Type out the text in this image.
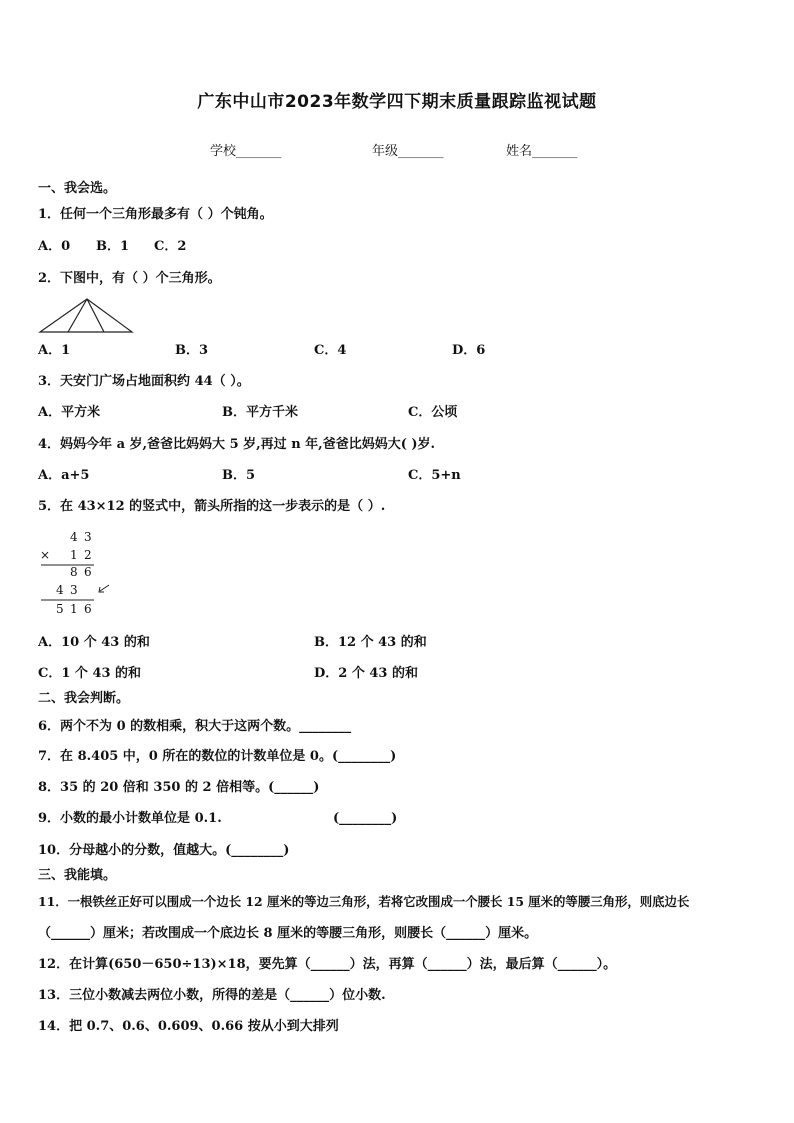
广东中山市2023年数学四下期末质量跟踪监视试题
学校_______	年级_______	姓名_______
一、我会选。
1．任何一个三角形最多有（ ）个钝角。
A．0 B．1 C．2
2．下图中，有（ ）个三角形。
A．1	B．3	C．4	D．6
3．天安门广场占地面积约 44（ ）。
A．平方米	B．平方千米	C．公顷
4．妈妈今年 a 岁,爸爸比妈妈大 5 岁,再过 n 年,爸爸比妈妈大( )岁.
A．a+5	B．5	C．5+n
5．在 43×12 的竖式中，箭头所指的这一步表示的是（ ）.
4 3
× 1 2
8 6
4 3
5 1 6
A．10 个 43 的和	B．12 个 43 的和
C．1 个 43 的和	D．2 个 43 的和
二、我会判断。
6．两个不为 0 的数相乘，积大于这两个数。________
7．在 8.405 中，0 所在的数位的计数单位是 0。(________)
8．35 的 20 倍和 350 的 2 倍相等。(______)
9．小数的最小计数单位是 0.1.	(________)
10．分母越小的分数，值越大。(________)
三、我能填。
11．一根铁丝正好可以围成一个边长 12 厘米的等边三角形，若将它改围成一个腰长 15 厘米的等腰三角形，则底边长
（______）厘米；若改围成一个底边长 8 厘米的等腰三角形，则腰长（______）厘米。
12．在计算(650－650÷13)×18，要先算（______）法，再算（______）法，最后算（______）。
13．三位小数减去两位小数，所得的差是（______）位小数.
14．把 0.7、0.6、0.609、0.66 按从小到大排列
